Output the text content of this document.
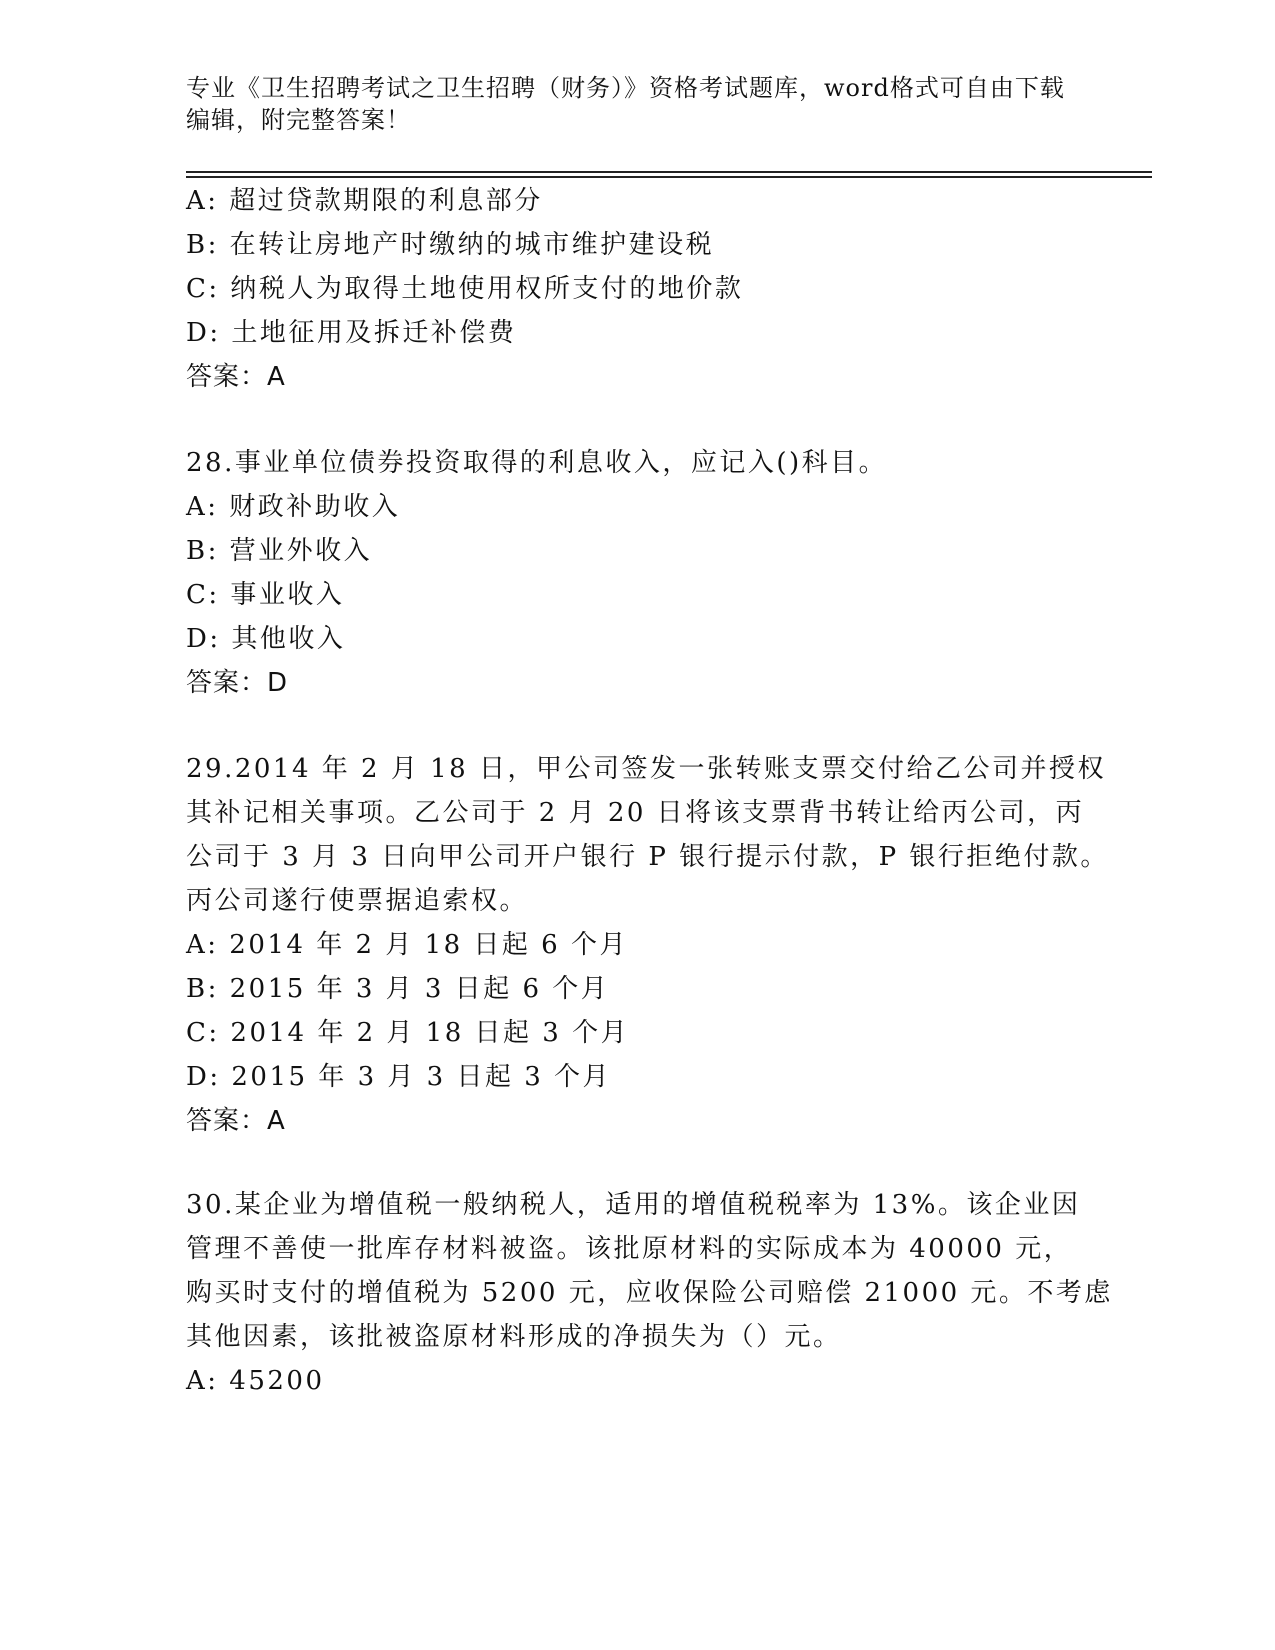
专业《卫生招聘考试之卫生招聘（财务）》资格考试题库，word格式可自由下载
编辑，附完整答案！
A: 超过贷款期限的利息部分
B: 在转让房地产时缴纳的城市维护建设税
C: 纳税人为取得土地使用权所支付的地价款
D: 土地征用及拆迁补偿费
答案：A
28.事业单位债券投资取得的利息收入，应记入()科目。
A: 财政补助收入
B: 营业外收入
C: 事业收入
D: 其他收入
答案：D
29.2014 年 2 月 18 日，甲公司签发一张转账支票交付给乙公司并授权
其补记相关事项。乙公司于 2 月 20 日将该支票背书转让给丙公司，丙
公司于 3 月 3 日向甲公司开户银行 P 银行提示付款，P 银行拒绝付款。
丙公司遂行使票据追索权。
A: 2014 年 2 月 18 日起 6 个月
B: 2015 年 3 月 3 日起 6 个月
C: 2014 年 2 月 18 日起 3 个月
D: 2015 年 3 月 3 日起 3 个月
答案：A
30.某企业为增值税一般纳税人，适用的增值税税率为 13%。该企业因
管理不善使一批库存材料被盗。该批原材料的实际成本为 40000 元，
购买时支付的增值税为 5200 元，应收保险公司赔偿 21000 元。不考虑
其他因素，该批被盗原材料形成的净损失为（）元。
A: 45200
